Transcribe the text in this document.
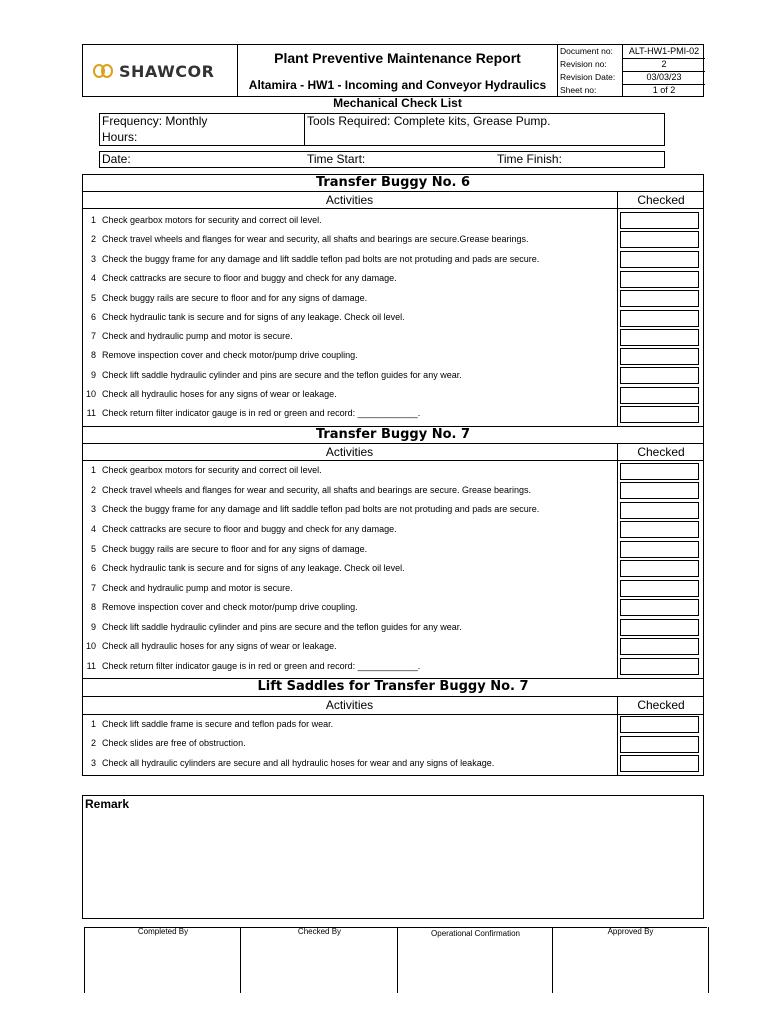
SHAWCOR
Plant Preventive Maintenance Report
Altamira - HW1 - Incoming and Conveyor Hydraulics
Document no:	ALT-HW1-PMI-02
Revision no:	2
Revision Date:	03/03/23
Sheet no:	1 of 2
Mechanical Check List
Frequency: Monthly
Hours:
Tools Required: Complete kits, Grease Pump.
Date:	Time Start:	Time Finish:
Transfer Buggy No. 6
Activities	Checked
Transfer Buggy No. 7
Activities	Checked
Lift Saddles for Transfer Buggy No. 7
Activities	Checked
1 Check gearbox motors for security and correct oil level.
2 Check travel wheels and flanges for wear and security, all shafts and bearings are secure.Grease bearings.
3 Check the buggy frame for any damage and lift saddle teflon pad bolts are not protuding and pads are secure.
4 Check cattracks are secure to floor and buggy and check for any damage.
5 Check buggy rails are secure to floor and for any signs of damage.
6 Check hydraulic tank is secure and for signs of any leakage. Check oil level.
7 Check and hydraulic pump and motor is secure.
8 Remove inspection cover and check motor/pump drive coupling.
9 Check lift saddle hydraulic cylinder and pins are secure and the teflon guides for any wear.
10 Check all hydraulic hoses for any signs of wear or leakage.
11 Check return filter indicator gauge is in red or green and record: ____________.
1 Check gearbox motors for security and correct oil level.
2 Check travel wheels and flanges for wear and security, all shafts and bearings are secure. Grease bearings.
3 Check the buggy frame for any damage and lift saddle teflon pad bolts are not protuding and pads are secure.
4 Check cattracks are secure to floor and buggy and check for any damage.
5 Check buggy rails are secure to floor and for any signs of damage.
6 Check hydraulic tank is secure and for signs of any leakage. Check oil level.
7 Check and hydraulic pump and motor is secure.
8 Remove inspection cover and check motor/pump drive coupling.
9 Check lift saddle hydraulic cylinder and pins are secure and the teflon guides for any wear.
10 Check all hydraulic hoses for any signs of wear or leakage.
11 Check return filter indicator gauge is in red or green and record: ____________.
1 Check lift saddle frame is secure and teflon pads for wear.
2 Check slides are free of obstruction.
3 Check all hydraulic cylinders are secure and all hydraulic hoses for wear and any signs of leakage.
Remark
Completed By	Checked By	Operational Confirmation	Approved By
